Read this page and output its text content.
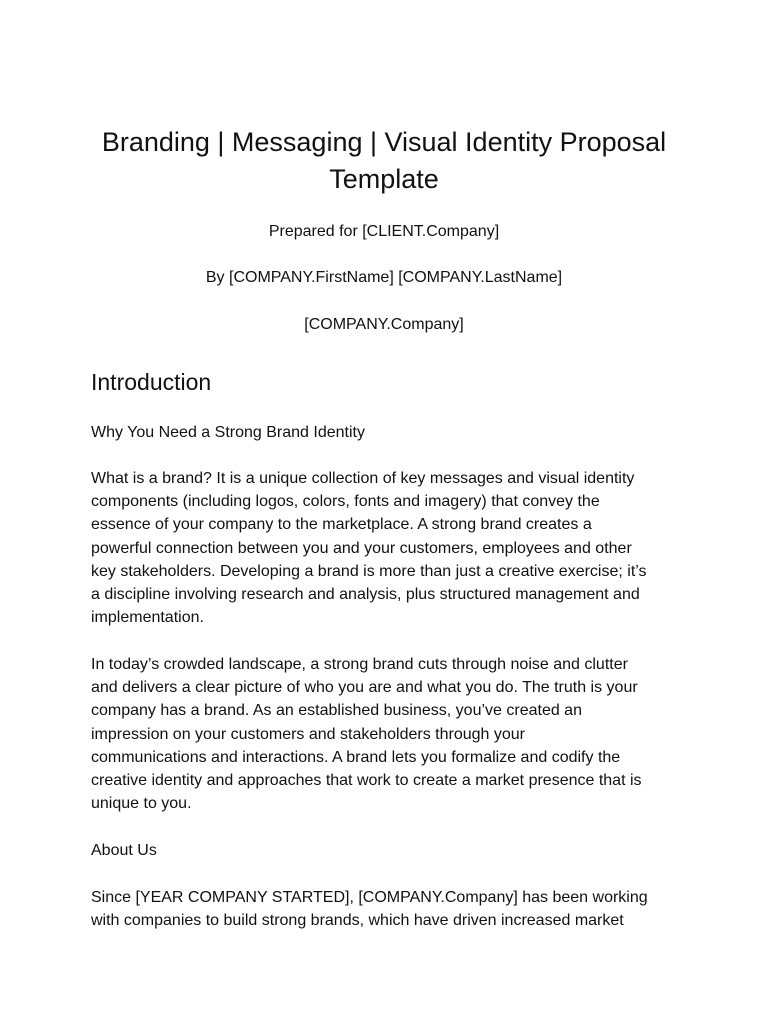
Branding | Messaging | Visual Identity Proposal
Template
Prepared for [CLIENT.Company]
By [COMPANY.FirstName] [COMPANY.LastName]
[COMPANY.Company]
Introduction
Why You Need a Strong Brand Identity
What is a brand? It is a unique collection of key messages and visual identity
components (including logos, colors, fonts and imagery) that convey the
essence of your company to the marketplace. A strong brand creates a
powerful connection between you and your customers, employees and other
key stakeholders. Developing a brand is more than just a creative exercise; it’s
a discipline involving research and analysis, plus structured management and
implementation.
In today’s crowded landscape, a strong brand cuts through noise and clutter
and delivers a clear picture of who you are and what you do. The truth is your
company has a brand. As an established business, you’ve created an
impression on your customers and stakeholders through your
communications and interactions. A brand lets you formalize and codify the
creative identity and approaches that work to create a market presence that is
unique to you.
About Us
Since [YEAR COMPANY STARTED], [COMPANY.Company] has been working
with companies to build strong brands, which have driven increased market
